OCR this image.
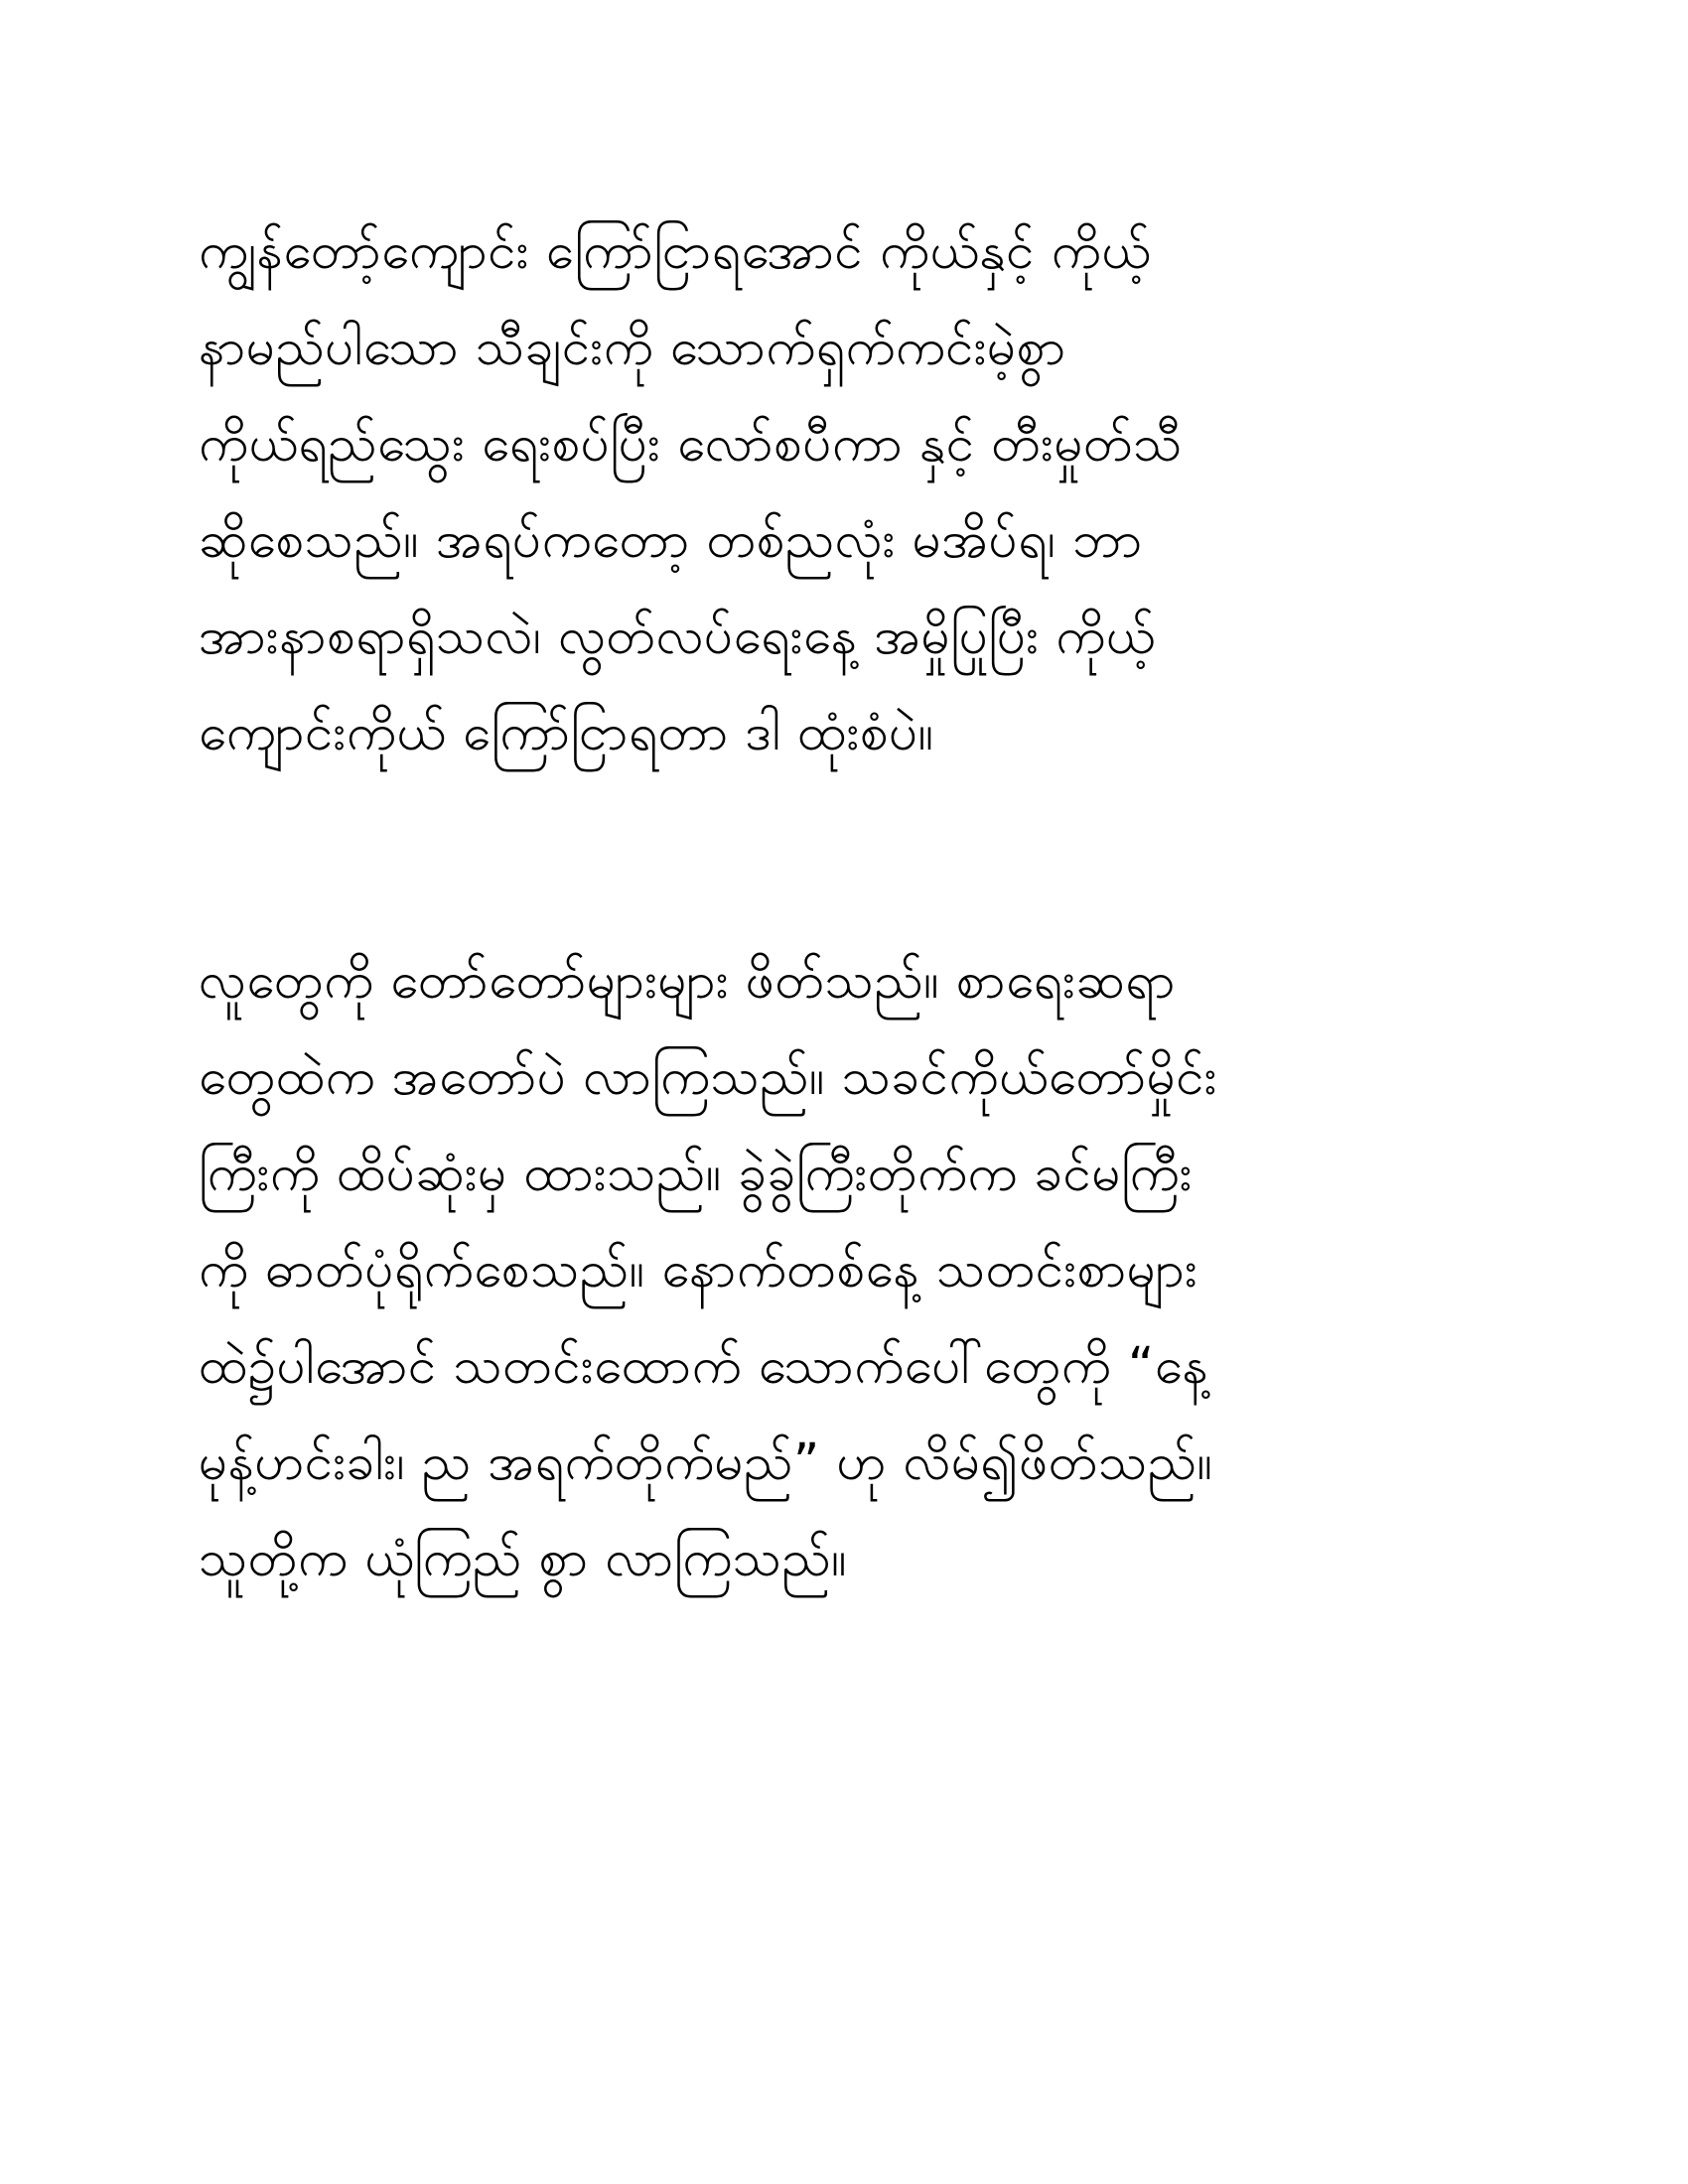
ကျွန်တော့်ကျောင်း ကြော်ငြာရအောင် ကိုယ်နှင့် ကိုယ့်
နာမည်ပါသော သီချင်းကို သောက်ရှက်ကင်းမဲ့စွာ
ကိုယ်ရည်သွေး ရေးစပ်ပြီး လော်စပီကာ နှင့် တီးမှုတ်သီ
ဆိုစေသည်။ အရပ်ကတော့ တစ်ညလုံး မအိပ်ရ၊ ဘာ
အားနာစရာရှိသလဲ၊ လွတ်လပ်ရေးနေ့ အမှိုပြုပြီး ကိုယ့်
ကျောင်းကိုယ် ကြော်ငြာရတာ ဒါ ထုံးစံပဲ။
လူတွေကို တော်တော်များများ ဖိတ်သည်။ စာရေးဆရာ
တွေထဲက အတော်ပဲ လာကြသည်။ သခင်ကိုယ်တော်မှိုင်း
ကြီးကို ထိပ်ဆုံးမှ ထားသည်။ ခွဲခွဲကြီးတိုက်က ခင်မကြီး
ကို ဓာတ်ပုံရိုက်စေသည်။ နောက်တစ်နေ့ သတင်းစာများ
ထဲ၌ပါအောင် သတင်းထောက် သောက်ပေါ်တွေကို “နေ့
မုန့်ဟင်းခါး၊ ည အရက်တိုက်မည်” ဟု လိမ်၍ဖိတ်သည်။
သူတို့က ယုံကြည် စွာ လာကြသည်။
